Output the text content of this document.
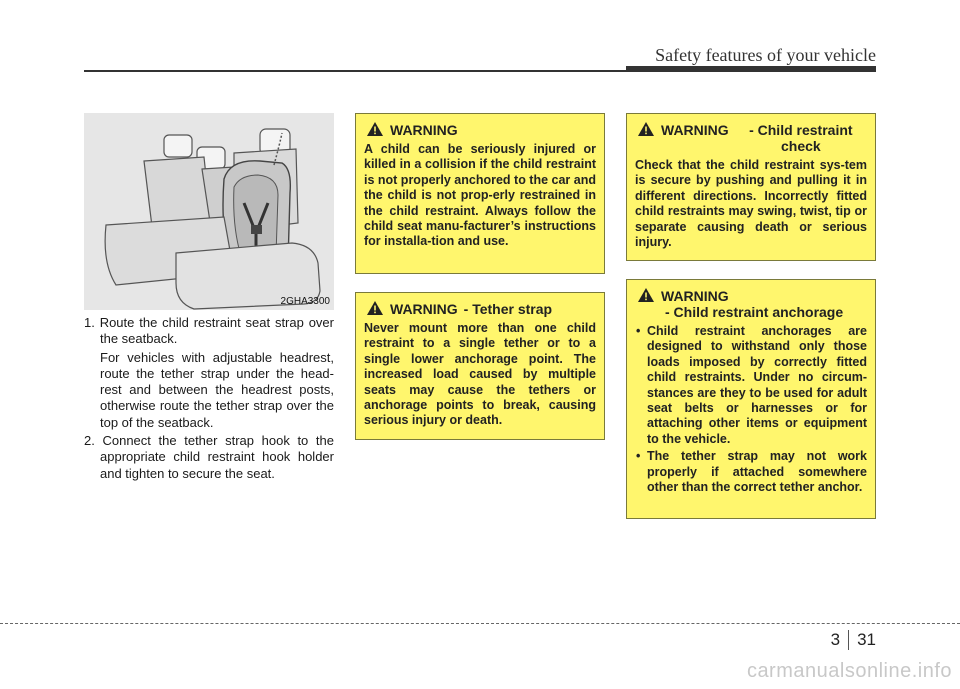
Safety features of your vehicle
2GHA3300

1. Route the child restraint seat strap over the seatback.

For vehicles with adjustable headrest, route the tether strap under the head-rest and between the headrest posts, otherwise route the tether strap over the top of the seatback.

2. Connect the tether strap hook to the appropriate child restraint hook holder and tighten to secure the seat.

WARNING

A child can be seriously injured or killed in a collision if the child restraint is not properly anchored to the car and the child is not prop-erly restrained in the child restraint. Always follow the child seat manu-facturer’s instructions for installa-tion and use.

WARNING - Tether strap

Never mount more than one child restraint to a single tether or to a single lower anchorage point. The increased load caused by multiple seats may cause the tethers or anchorage points to break, causing serious injury or death.

WARNING	- Child restraint check

Check that the child restraint sys-tem is secure by pushing and pulling it in different directions. Incorrectly fitted child restraints may swing, twist, tip or separate causing death or serious injury.

WARNING
- Child restraint anchorage
• Child restraint anchorages are designed to withstand only those loads imposed by correctly fitted child restraints. Under no circum-stances are they to be used for adult seat belts or harnesses or for attaching other items or equipment to the vehicle.
• The tether strap may not work properly if attached somewhere other than the correct tether anchor.
3 31
carmanualsonline.info
